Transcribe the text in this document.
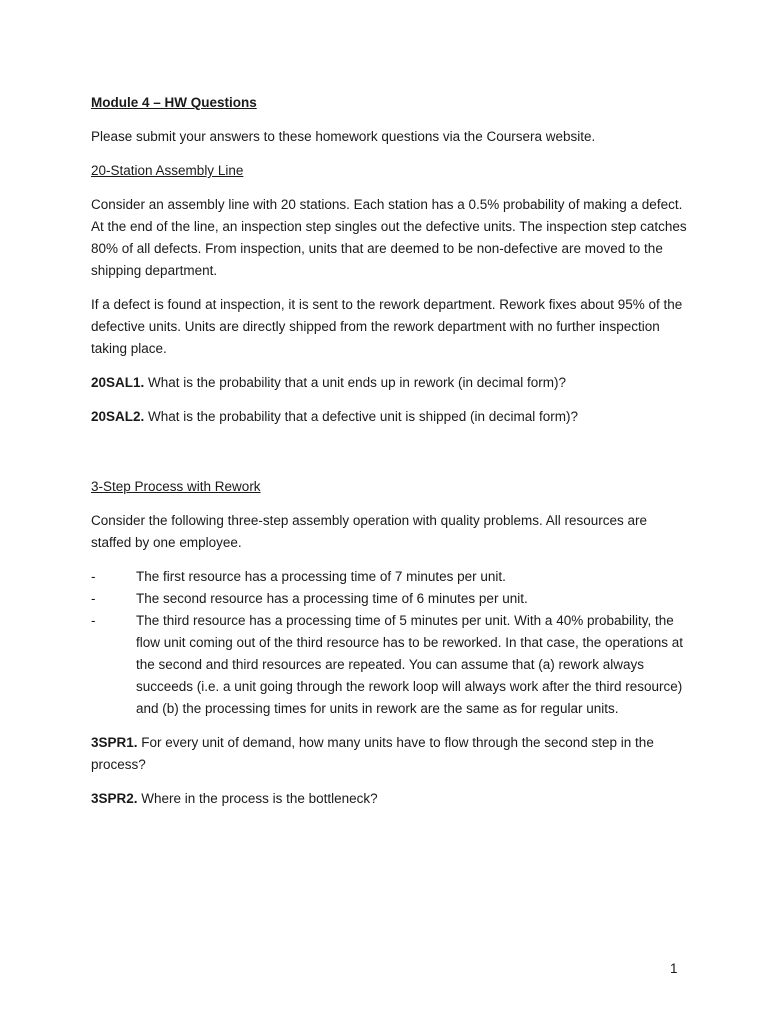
Module 4 – HW Questions

Please submit your answers to these homework questions via the Coursera website.

20-Station Assembly Line

Consider an assembly line with 20 stations. Each station has a 0.5% probability of making a defect. At the end of the line, an inspection step singles out the defective units. The inspection step catches 80% of all defects. From inspection, units that are deemed to be non-defective are moved to the shipping department.

If a defect is found at inspection, it is sent to the rework department. Rework fixes about 95% of the defective units. Units are directly shipped from the rework department with no further inspection taking place.

20SAL1. What is the probability that a unit ends up in rework (in decimal form)?

20SAL2. What is the probability that a defective unit is shipped (in decimal form)?

3-Step Process with Rework

Consider the following three-step assembly operation with quality problems. All resources are staffed by one employee.

-	The first resource has a processing time of 7 minutes per unit.
-	The second resource has a processing time of 6 minutes per unit.
-	The third resource has a processing time of 5 minutes per unit. With a 40% probability, the flow unit coming out of the third resource has to be reworked. In that case, the operations at the second and third resources are repeated. You can assume that (a) rework always succeeds (i.e. a unit going through the rework loop will always work after the third resource) and (b) the processing times for units in rework are the same as for regular units.

3SPR1. For every unit of demand, how many units have to flow through the second step in the process?

3SPR2. Where in the process is the bottleneck?

1
